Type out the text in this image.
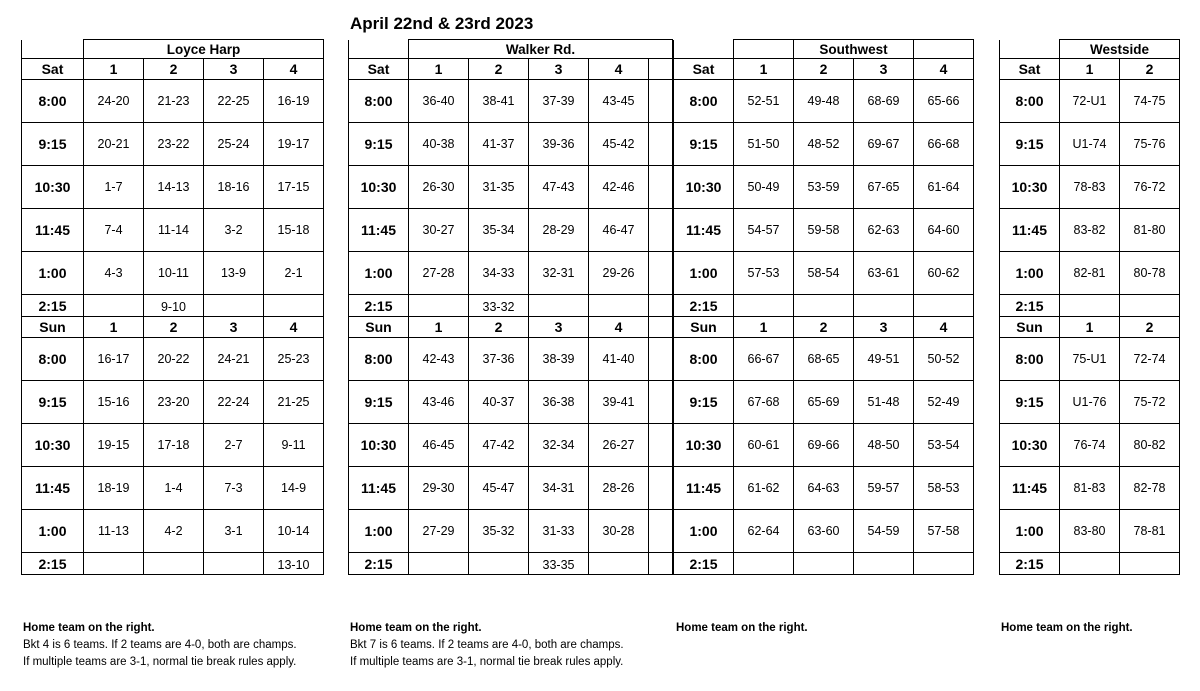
April 22nd & 23rd 2023
	Loyce Harp			
Sat	1	2	3	4
8:00	24-20	21-23	22-25	16-19
9:15	20-21	23-22	25-24	19-17
10:30	1-7	14-13	18-16	17-15
11:45	7-4	11-14	3-2	15-18
1:00	4-3	10-11	13-9	2-1
2:15		9-10		
Sun	1	2	3	4
8:00	16-17	20-22	24-21	25-23
9:15	15-16	23-20	22-24	21-25
10:30	19-15	17-18	2-7	9-11
11:45	18-19	1-4	7-3	14-9
1:00	11-13	4-2	3-1	10-14
2:15				13-10
	Walker Rd.				
Sat	1	2	3	4	
8:00	36-40	38-41	37-39	43-45	
9:15	40-38	41-37	39-36	45-42	
10:30	26-30	31-35	47-43	42-46	
11:45	30-27	35-34	28-29	46-47	
1:00	27-28	34-33	32-31	29-26	
2:15		33-32			
Sun	1	2	3	4	
8:00	42-43	37-36	38-39	41-40	
9:15	43-46	40-37	36-38	39-41	
10:30	46-45	47-42	32-34	26-27	
11:45	29-30	45-47	34-31	28-26	
1:00	27-29	35-32	31-33	30-28	
2:15			33-35		
		Southwest		
Sat	1	2	3	4
8:00	52-51	49-48	68-69	65-66
9:15	51-50	48-52	69-67	66-68
10:30	50-49	53-59	67-65	61-64
11:45	54-57	59-58	62-63	64-60
1:00	57-53	58-54	63-61	60-62
2:15				
Sun	1	2	3	4
8:00	66-67	68-65	49-51	50-52
9:15	67-68	65-69	51-48	52-49
10:30	60-61	69-66	48-50	53-54
11:45	61-62	64-63	59-57	58-53
1:00	62-64	63-60	54-59	57-58
2:15				
	Westside	
Sat	1	2
8:00	72-U1	74-75
9:15	U1-74	75-76
10:30	78-83	76-72
11:45	83-82	81-80
1:00	82-81	80-78
2:15		
Sun	1	2
8:00	75-U1	72-74
9:15	U1-76	75-72
10:30	76-74	80-82
11:45	81-83	82-78
1:00	83-80	78-81
2:15		
Home team on the right.
Bkt 4 is 6 teams. If 2 teams are 4-0, both are champs.
If multiple teams are 3-1, normal tie break rules apply.
Home team on the right.
Bkt 7 is 6 teams. If 2 teams are 4-0, both are champs.
If multiple teams are 3-1, normal tie break rules apply.
Home team on the right.	Home team on the right.
